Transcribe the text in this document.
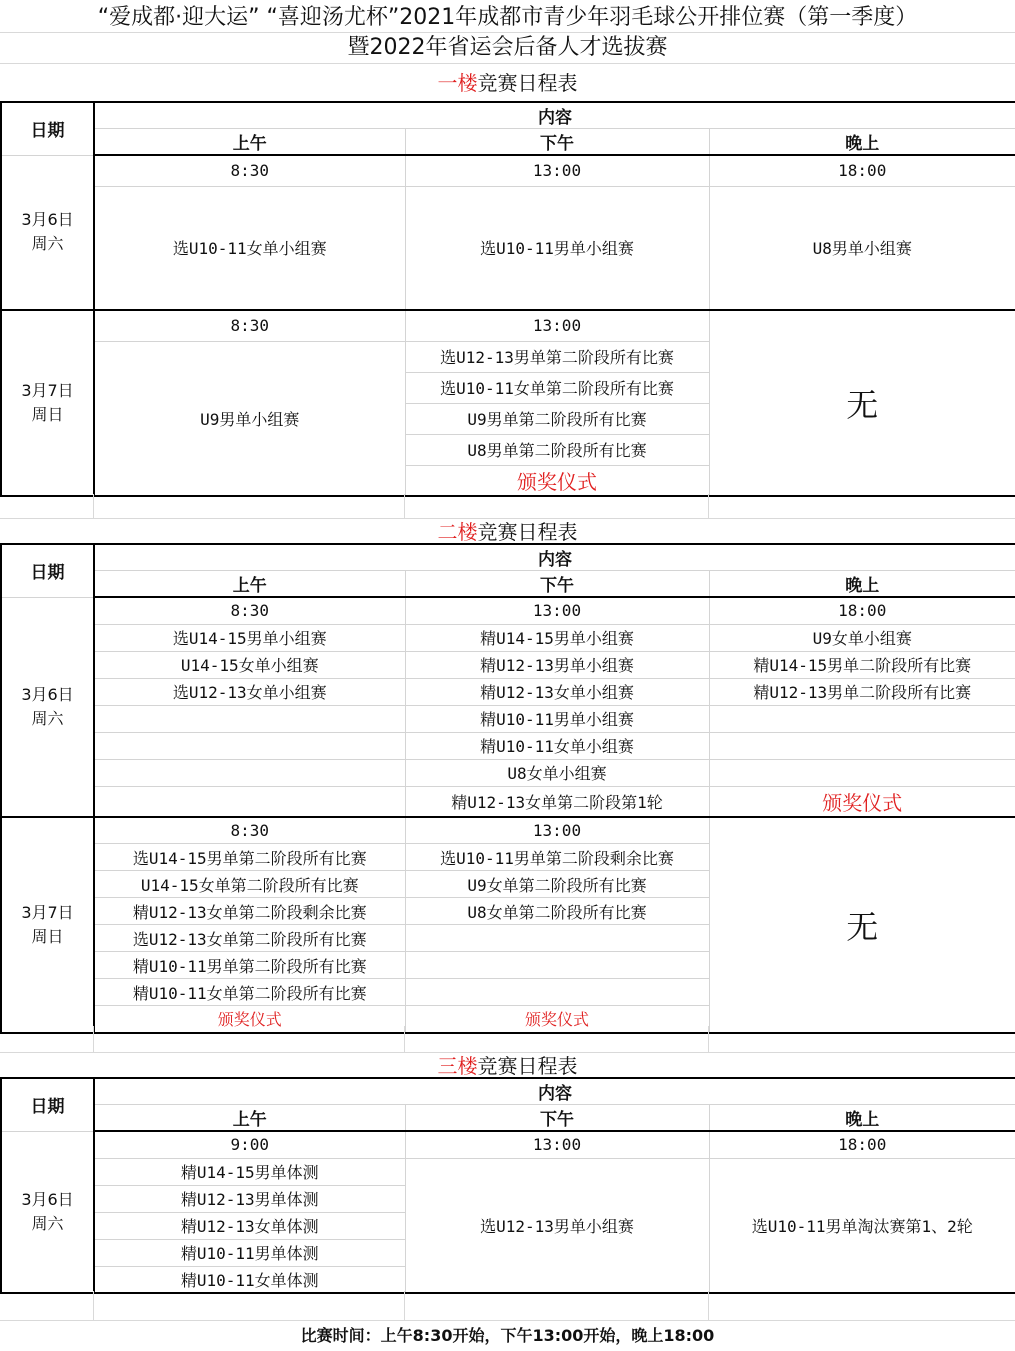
“爱成都·迎大运” “喜迎汤尤杯”2021年成都市青少年羽毛球公开排位赛（第一季度）
暨2022年省运会后备人才选拔赛
一楼竞赛日程表
日期	内容		
	上午	下午	晚上
3月6日
周六	8:30	13:00	18:00
	选U10-11女单小组赛	选U10-11男单小组赛	U8男单小组赛
3月7日
周日	8:30	13:00	无
	U9男单小组赛	选U12-13男单第二阶段所有比赛	
		选U10-11女单第二阶段所有比赛	
		U9男单第二阶段所有比赛	
		U8男单第二阶段所有比赛	
		颁奖仪式	
二楼竞赛日程表
日期	内容		
	上午	下午	晚上
3月6日
周六	8:30	13:00	18:00
	选U14-15男单小组赛	精U14-15男单小组赛	U9女单小组赛
	U14-15女单小组赛	精U12-13男单小组赛	精U14-15男单二阶段所有比赛
	选U12-13女单小组赛	精U12-13女单小组赛	精U12-13男单二阶段所有比赛
		精U10-11男单小组赛	
		精U10-11女单小组赛	
		U8女单小组赛	
		精U12-13女单第二阶段第1轮	颁奖仪式
3月7日
周日	8:30	13:00	无
	选U14-15男单第二阶段所有比赛	选U10-11男单第二阶段剩余比赛	
	U14-15女单第二阶段所有比赛	U9女单第二阶段所有比赛	
	精U12-13女单第二阶段剩余比赛	U8女单第二阶段所有比赛	
	选U12-13女单第二阶段所有比赛		
	精U10-11男单第二阶段所有比赛		
	精U10-11女单第二阶段所有比赛		
	颁奖仪式	颁奖仪式	
三楼竞赛日程表
日期	内容		
	上午	下午	晚上
3月6日
周六	9:00	13:00	18:00
	精U14-15男单体测	选U12-13男单小组赛	选U10-11男单淘汰赛第1、2轮
	精U12-13男单体测		
	精U12-13女单体测		
	精U10-11男单体测		
	精U10-11女单体测		
比赛时间：上午8:30开始，下午13:00开始，晚上18:00
